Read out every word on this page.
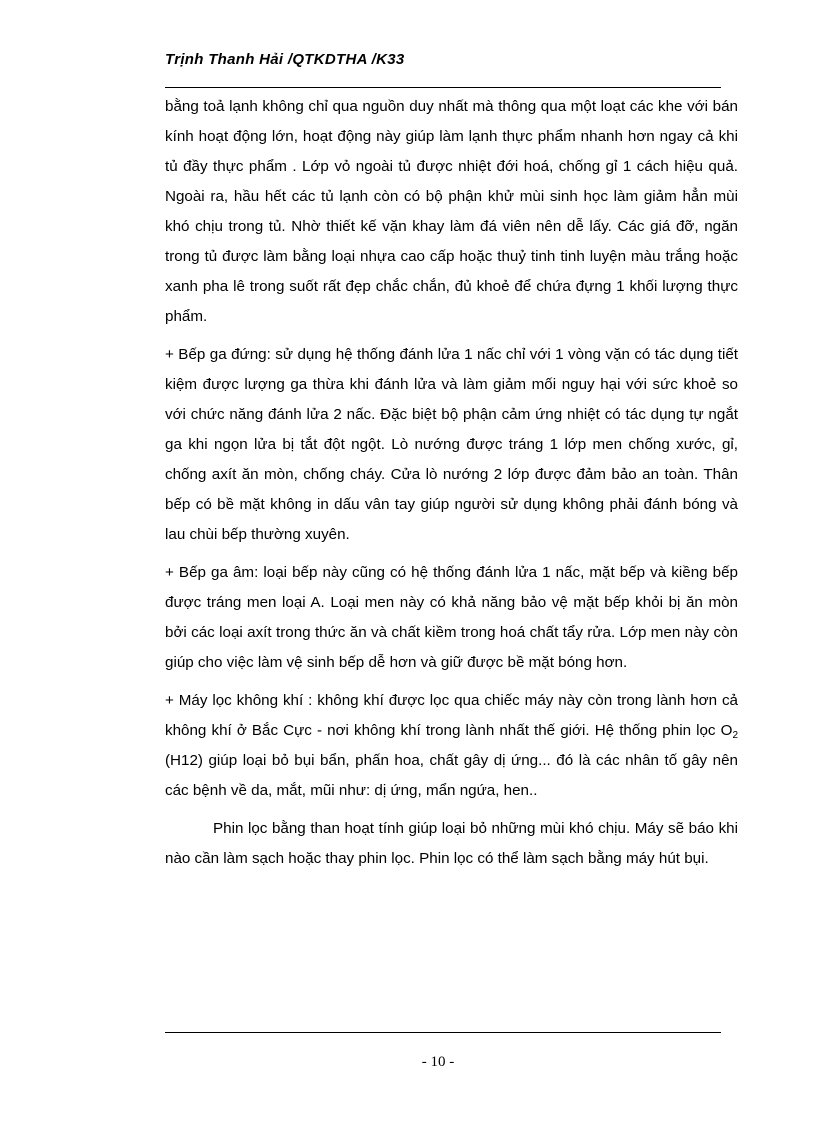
Trịnh Thanh Hải /QTKDTHA /K33

bằng toả lạnh không chỉ qua nguồn duy nhất mà thông qua một loạt các khe với bán kính hoạt động lớn, hoạt động này giúp làm lạnh thực phẩm nhanh hơn ngay cả khi tủ đầy thực phẩm . Lớp vỏ ngoài tủ được nhiệt đới hoá, chống gỉ 1 cách hiệu quả. Ngoài ra, hầu hết các tủ lạnh còn có bộ phận khử mùi sinh học làm giảm hẳn mùi khó chịu trong tủ. Nhờ thiết kế vặn khay làm đá viên nên dễ lấy. Các giá đỡ, ngăn trong tủ được làm bằng loại nhựa cao cấp hoặc thuỷ tinh tinh luyện màu trắng hoặc xanh pha lê trong suốt rất đẹp chắc chắn, đủ khoẻ để chứa đựng 1 khối lượng thực phẩm.

+ Bếp ga đứng: sử dụng hệ thống đánh lửa 1 nấc chỉ với 1 vòng vặn có tác dụng tiết kiệm được lượng ga thừa khi đánh lửa và làm giảm mối nguy hại với sức khoẻ so với chức năng đánh lửa 2 nấc. Đặc biệt bộ phận cảm ứng nhiệt có tác dụng tự ngắt ga khi ngọn lửa bị tắt đột ngột. Lò nướng được tráng 1 lớp men chống xước, gỉ, chống axít ăn mòn, chống cháy. Cửa lò nướng 2 lớp được đảm bảo an toàn. Thân bếp có bề mặt không in dấu vân tay giúp người sử dụng không phải đánh bóng và lau chùi bếp thường xuyên.

+ Bếp ga âm: loại bếp này cũng có hệ thống đánh lửa 1 nấc, mặt bếp và kiềng bếp được tráng men loại A. Loại men này có khả năng bảo vệ mặt bếp khỏi bị ăn mòn bởi các loại axít trong thức ăn và chất kiềm trong hoá chất tẩy rửa. Lớp men này còn giúp cho việc làm vệ sinh bếp dễ hơn và giữ được bề mặt bóng hơn.

+ Máy lọc không khí : không khí được lọc qua chiếc máy này còn trong lành hơn cả không khí ở Bắc Cực - nơi không khí trong lành nhất thế giới. Hệ thống phin lọc $O_2$ (H12) giúp loại bỏ bụi bẩn, phấn hoa, chất gây dị ứng... đó là các nhân tố gây nên các bệnh về da, mắt, mũi như: dị ứng, mẩn ngứa, hen..

Phin lọc bằng than hoạt tính giúp loại bỏ những mùi khó chịu. Máy sẽ báo khi nào cần làm sạch hoặc thay phin lọc. Phin lọc có thể làm sạch bằng máy hút bụi.

- 10 -
